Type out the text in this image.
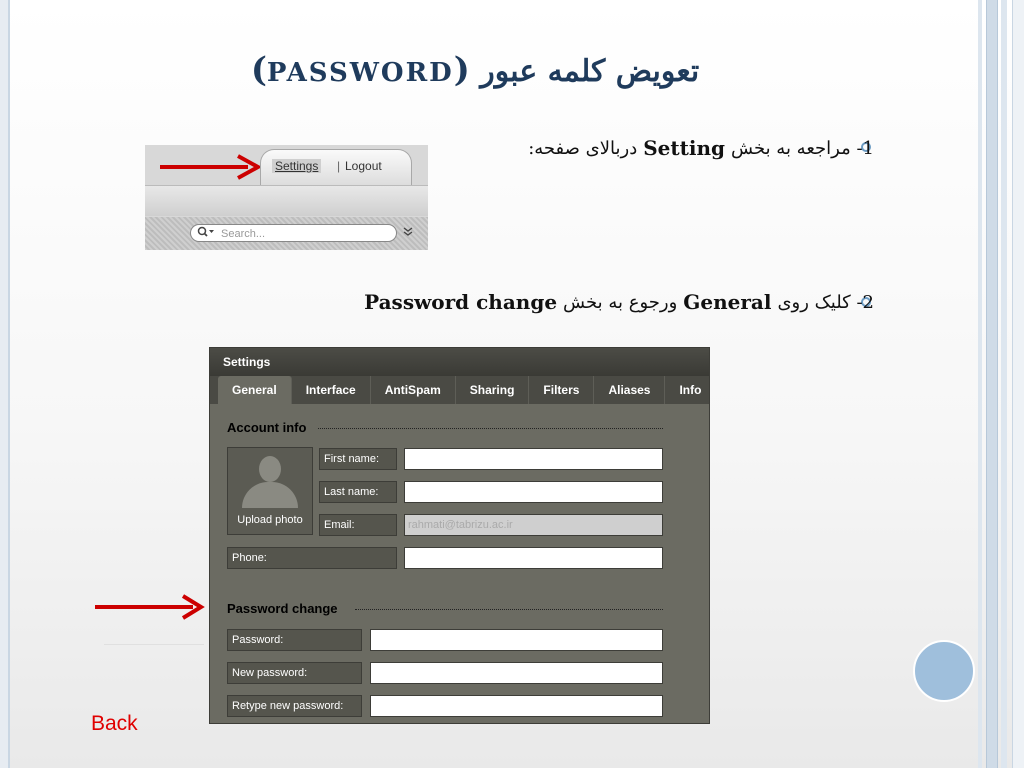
تعویض کلمه عبور (PASSWORD)
1-

مراجعه به بخش
Setting
دربالای صفحه:
2-

کلیک روی
General
ورجوع به بخش
Password change
Settings | Logout
Search...
Settings
General	Interface	AntiSpam	Sharing	Filters	Aliases	Info
Account info
Upload photo
First name:
Last name:
Email:	rahmati@tabrizu.ac.ir
Phone:
Password change
Password:
New password:
Retype new password:
Back
